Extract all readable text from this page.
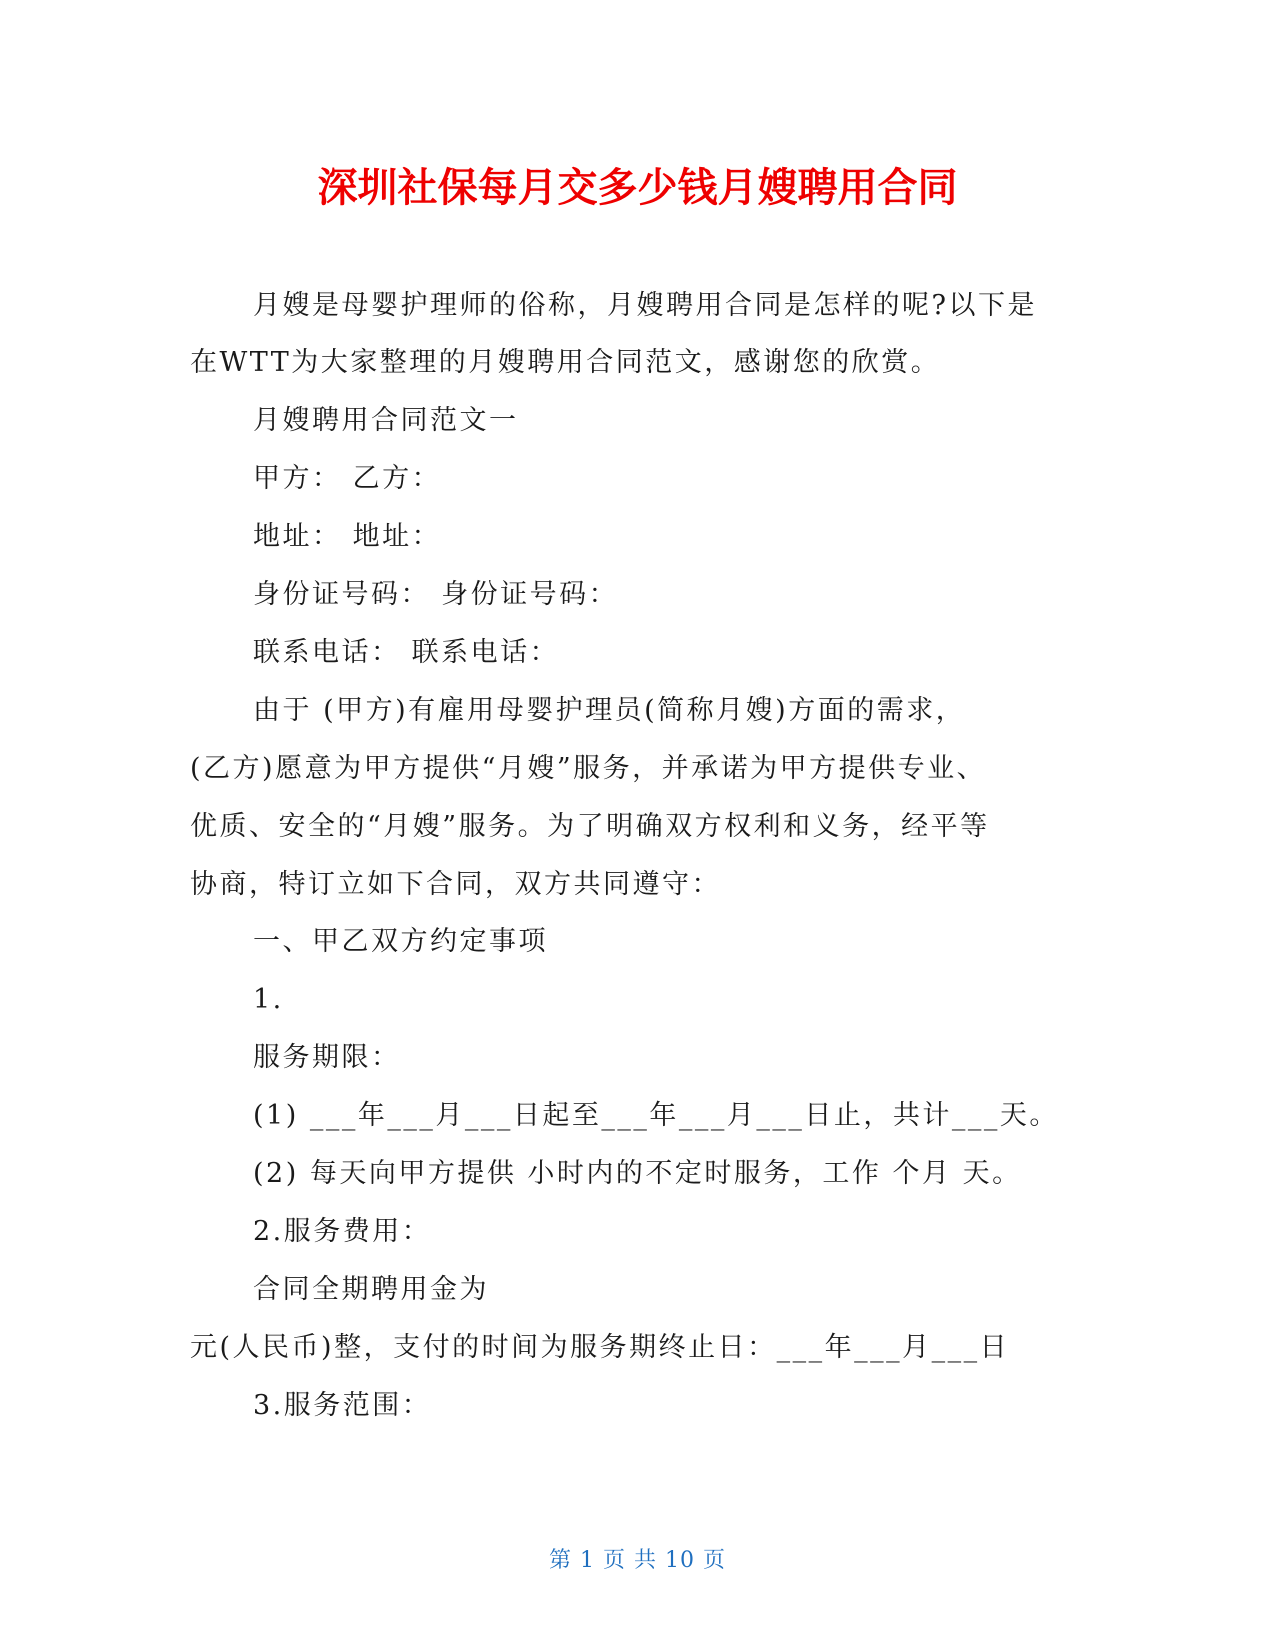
深圳社保每月交多少钱月嫂聘用合同
月嫂是母婴护理师的俗称，月嫂聘用合同是怎样的呢?以下是
在WTT为大家整理的月嫂聘用合同范文，感谢您的欣赏。
月嫂聘用合同范文一
甲方： 乙方：
地址： 地址：
身份证号码： 身份证号码：
联系电话： 联系电话：
由于 (甲方)有雇用母婴护理员(简称月嫂)方面的需求，
(乙方)愿意为甲方提供“月嫂”服务，并承诺为甲方提供专业、
优质、安全的“月嫂”服务。为了明确双方权利和义务，经平等
协商，特订立如下合同，双方共同遵守：
一、甲乙双方约定事项
1.
服务期限：
(1) ___年___月___日起至___年___月___日止，共计___天。
(2) 每天向甲方提供 小时内的不定时服务，工作 个月 天。
2.服务费用：
合同全期聘用金为
元(人民币)整，支付的时间为服务期终止日：___年___月___日
3.服务范围：
第 1 页 共 10 页
